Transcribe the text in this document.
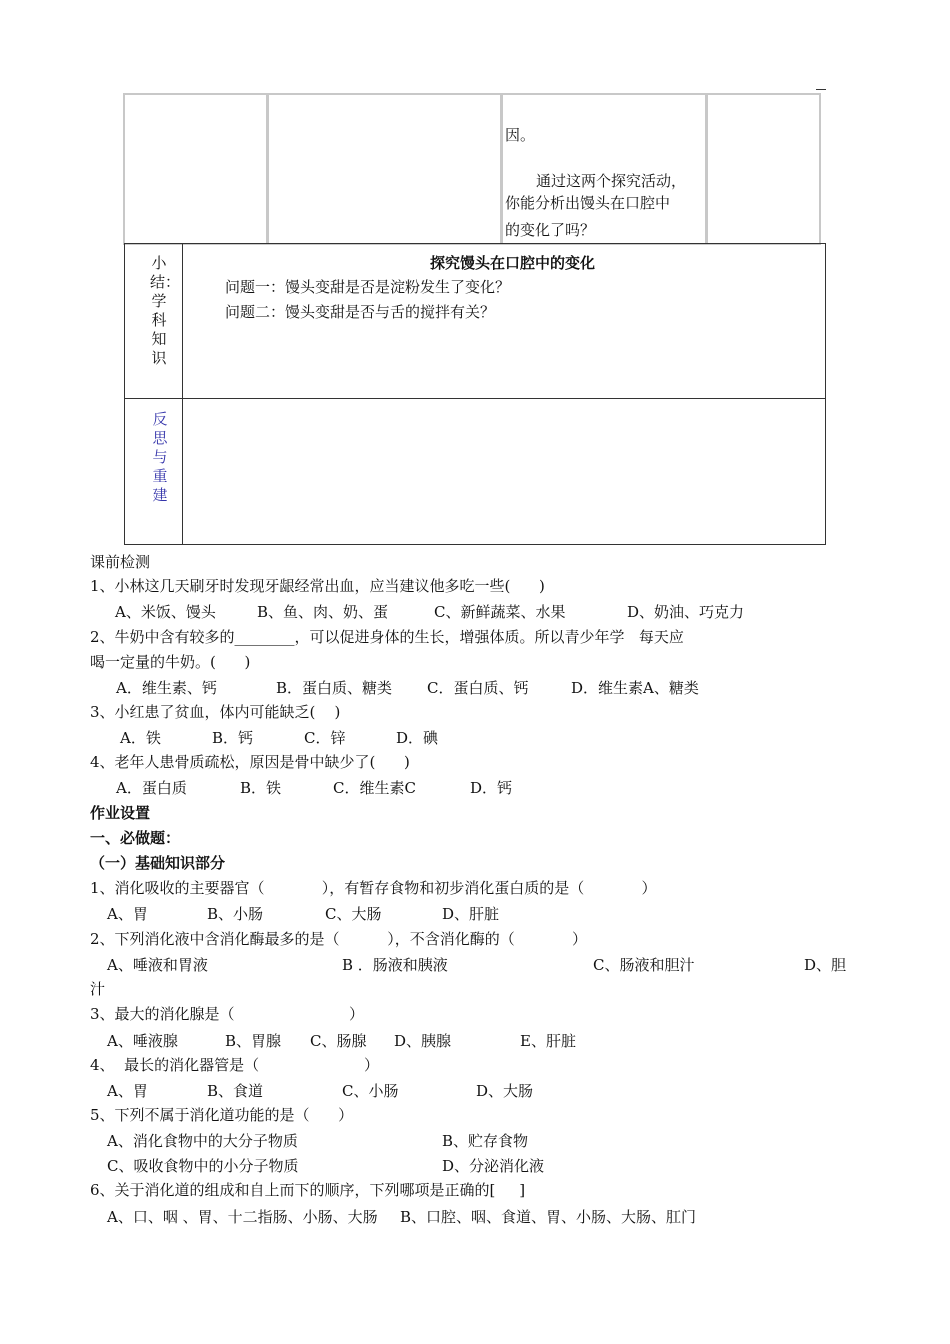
因。
通过这两个探究活动，
你能分析出馒头在口腔中
的变化了吗？
小结：学科知识
探究馒头在口腔中的变化
问题一：馒头变甜是否是淀粉发生了变化？
问题二：馒头变甜是否与舌的搅拌有关？
反思与重建
课前检测
1、小林这几天刷牙时发现牙龈经常出血，应当建议他多吃一些(      )
A、米饭、馒头	B、鱼、肉、奶、蛋	C、新鲜蔬菜、水果	D、奶油、巧克力
2、牛奶中含有较多的________，可以促进身体的生长，增强体质。所以青少年学   每天应
喝一定量的牛奶。(      )
A．维生素、钙	B．蛋白质、糖类 C．蛋白质、钙	D．维生素A、糖类
3、小红患了贫血，体内可能缺乏(    )
A．铁	B．钙	C．锌	D．碘
4、老年人患骨质疏松，原因是骨中缺少了(      )
A．蛋白质	B．铁	C．维生素C	D．钙
作业设置
一、必做题：
（一）基础知识部分
1、消化吸收的主要器官（            ），有暂存食物和初步消化蛋白质的是（            ）
A、胃	B、小肠	C、大肠	D、肝脏
2、下列消化液中含消化酶最多的是（          ），不含消化酶的（            ）
A、唾液和胃液	B ．肠液和胰液	C、肠液和胆汁	D、胆
汁
3、最大的消化腺是（                        ）
A、唾液腺	B、胃腺 C、肠腺 D、胰腺	E、肝脏
4、  最长的消化器管是（                      ）
A、胃	B、食道	C、小肠	D、大肠
5、下列不属于消化道功能的是（      ）
A、消化食物中的大分子物质	B、贮存食物
C、吸收食物中的小分子物质	D、分泌消化液
6、关于消化道的组成和自上而下的顺序，下列哪项是正确的[     ]
A、口、咽 、胃、十二指肠、小肠、大肠 B、口腔、咽、食道、胃、小肠、大肠、肛门
